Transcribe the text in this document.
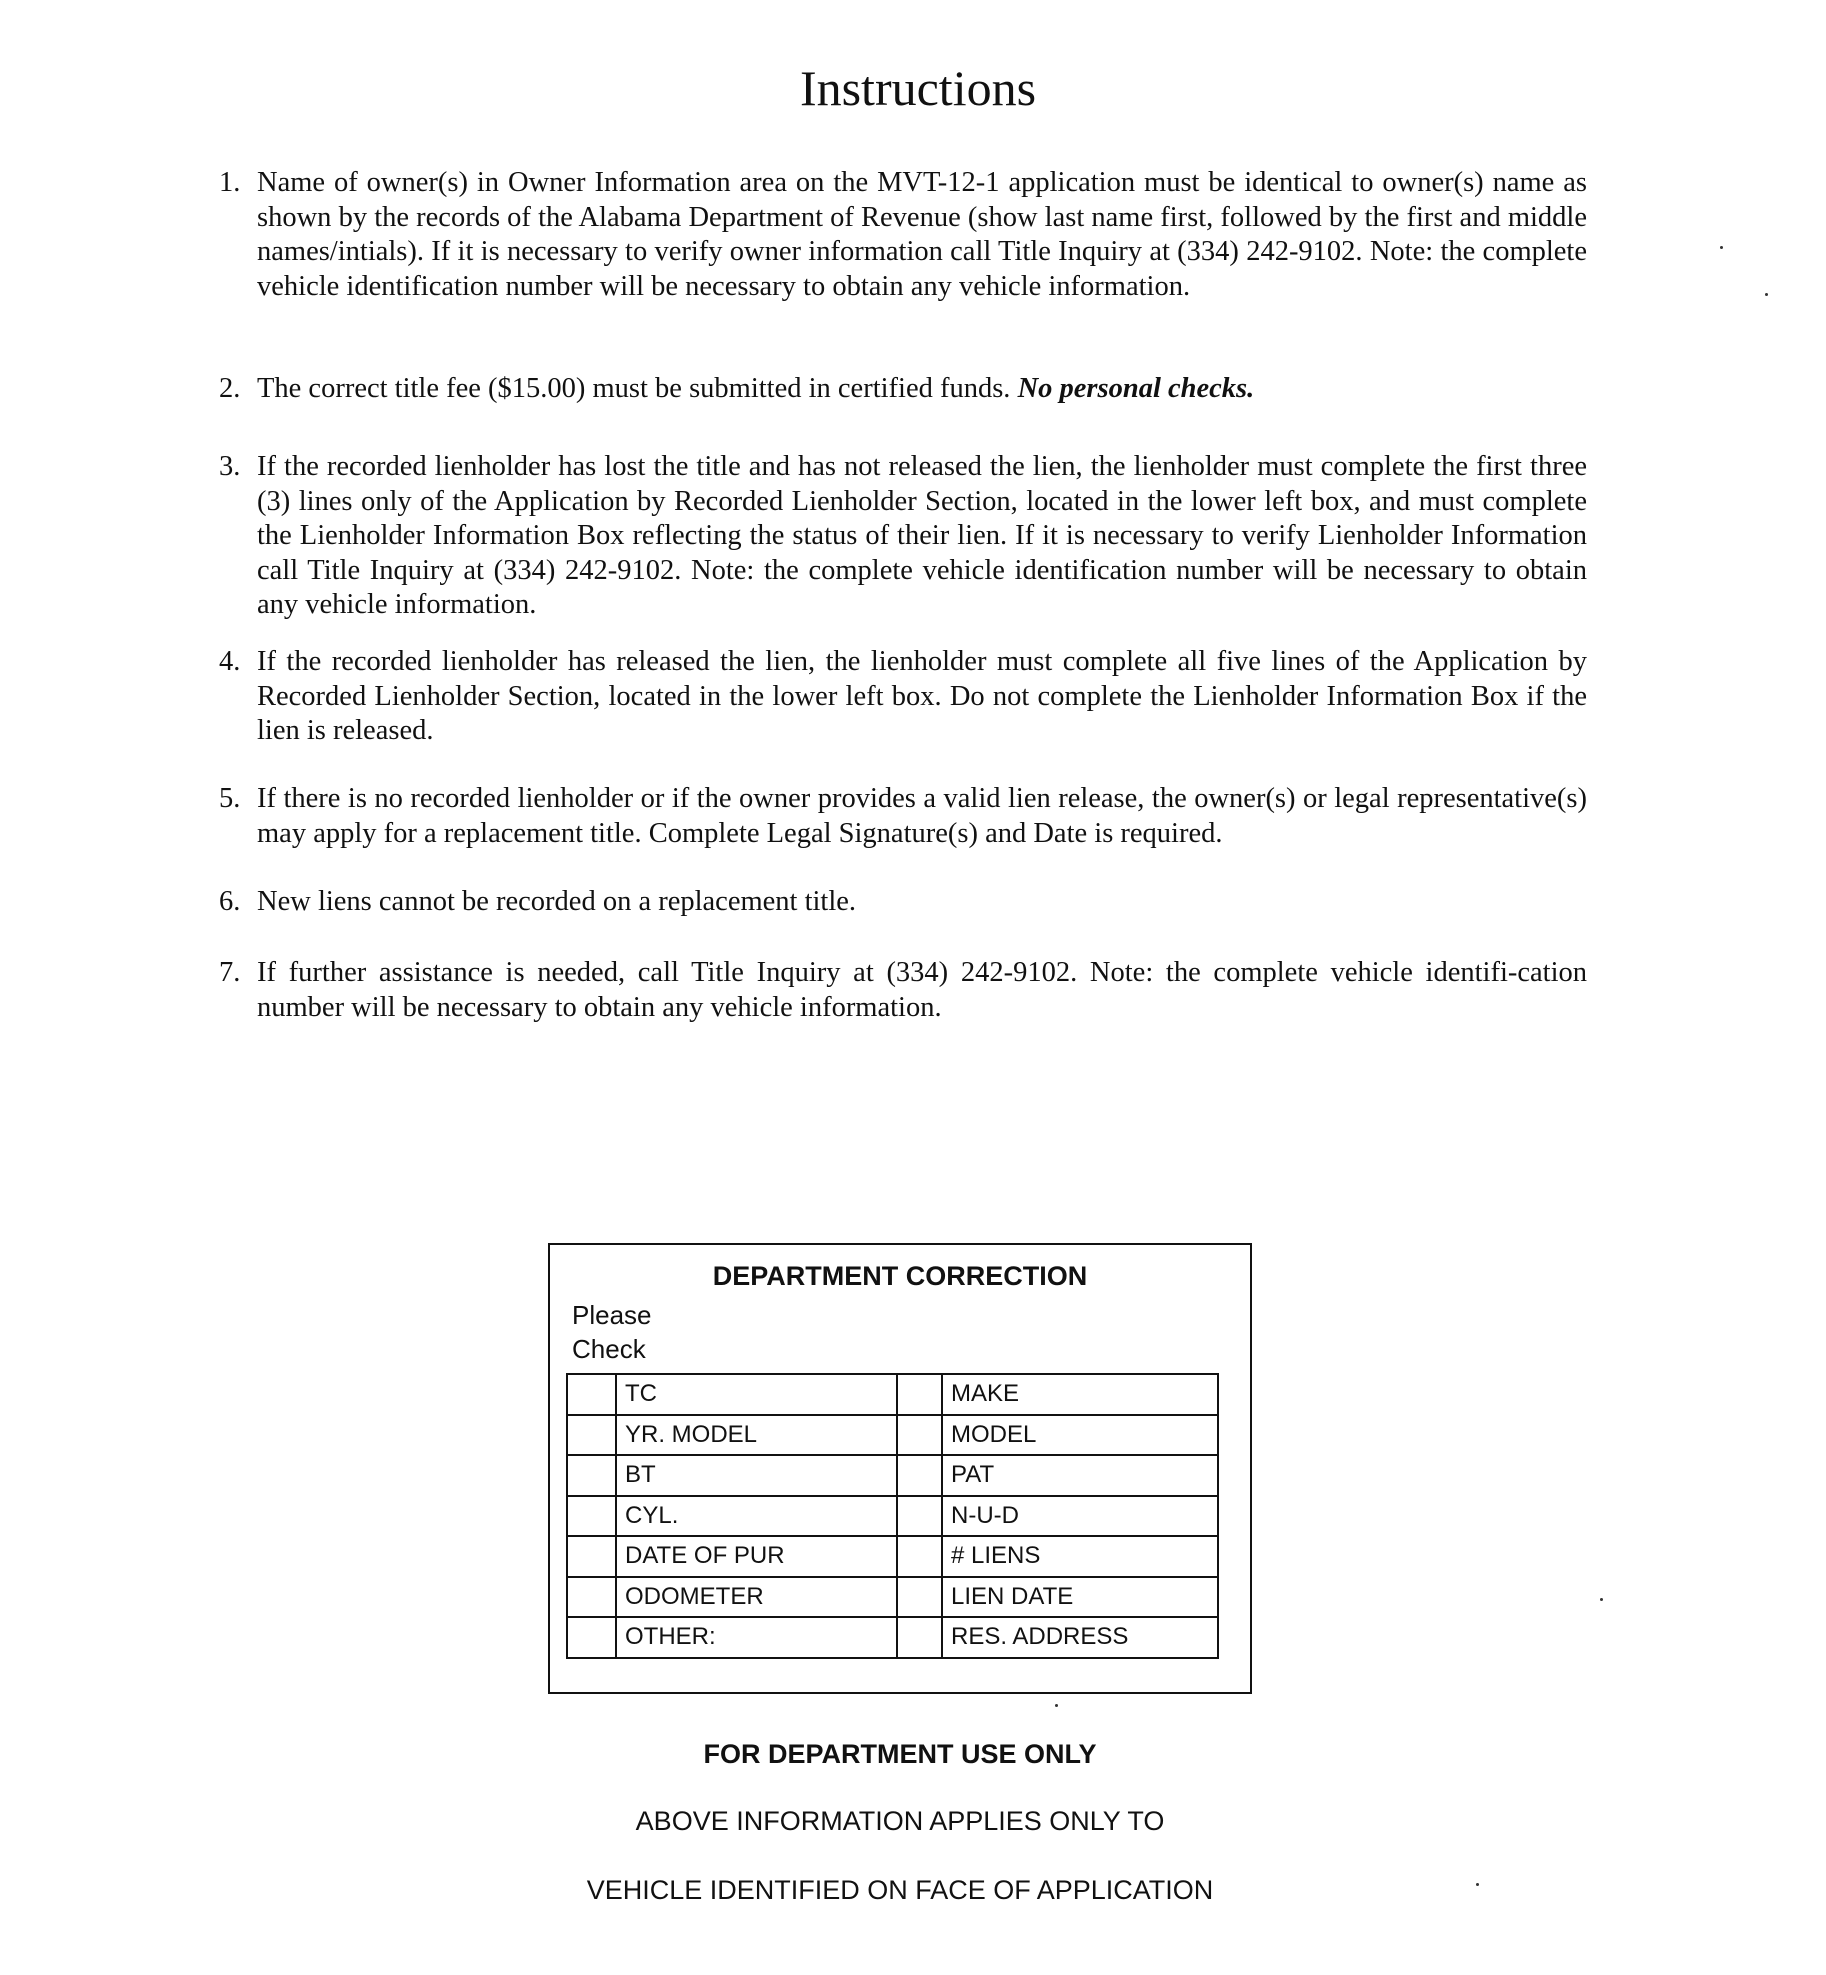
Instructions
1. Name of owner(s) in Owner Information area on the MVT-12-1 application must be identical to owner(s) name as shown by the records of the Alabama Department of Revenue (show last name first, followed by the first and middle names/intials). If it is necessary to verify owner information call Title Inquiry at (334) 242-9102. Note: the complete vehicle identification number will be necessary to obtain any vehicle information.
2. The correct title fee ($15.00) must be submitted in certified funds. No personal checks.
3. If the recorded lienholder has lost the title and has not released the lien, the lienholder must complete the first three (3) lines only of the Application by Recorded Lienholder Section, located in the lower left box, and must complete the Lienholder Information Box reflecting the status of their lien. If it is necessary to verify Lienholder Information call Title Inquiry at (334) 242-9102. Note: the complete vehicle identification number will be necessary to obtain any vehicle information.
4. If the recorded lienholder has released the lien, the lienholder must complete all five lines of the Application by Recorded Lienholder Section, located in the lower left box. Do not complete the Lienholder Information Box if the lien is released.
5. If there is no recorded lienholder or if the owner provides a valid lien release, the owner(s) or legal representative(s) may apply for a replacement title. Complete Legal Signature(s) and Date is required.
6. New liens cannot be recorded on a replacement title.
7. If further assistance is needed, call Title Inquiry at (334) 242-9102. Note: the complete vehicle identifi-cation number will be necessary to obtain any vehicle information.
DEPARTMENT CORRECTION
Please
Check
	TC		MAKE
	YR. MODEL		MODEL
	BT		PAT
	CYL.		N-U-D
	DATE OF PUR		# LIENS
	ODOMETER		LIEN DATE
	OTHER:		RES. ADDRESS
FOR DEPARTMENT USE ONLY
ABOVE INFORMATION APPLIES ONLY TO
VEHICLE IDENTIFIED ON FACE OF APPLICATION
